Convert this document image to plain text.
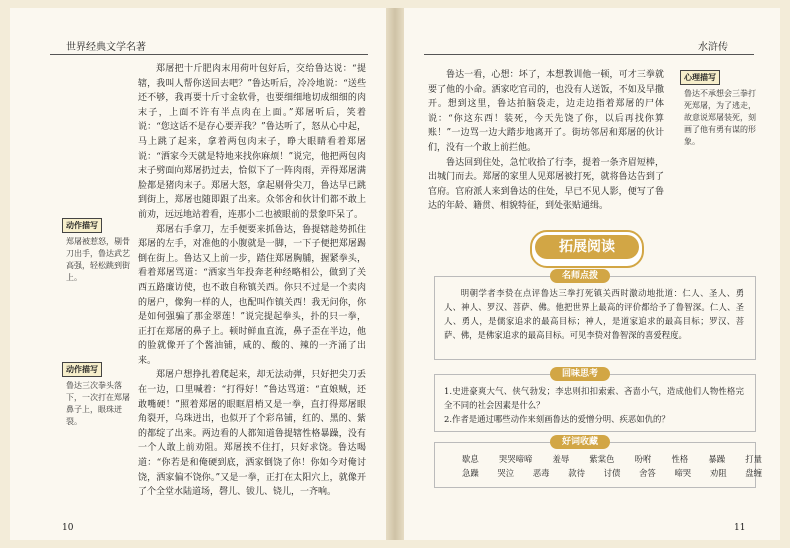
世界经典文学名著

郑屠把十斤肥肉末用荷叶包好后，交给鲁达说：“提辖，我叫人帮你送回去吧？”鲁达听后，冷冷地说：“送些还不够，我再要十斤寸金软骨，也要细细地切成细细的肉末子，上面不许有半点肉在上面。”郑屠听后，笑着说：“您这话不是存心要弄我？”鲁达听了，怒从心中起，马上跳了起来，拿着两包肉末子，睁大眼睛看着郑屠说：“洒家今天就是特地来找你麻烦！”说完，他把两包肉末子劈面向郑屠扔过去，恰似下了一阵肉雨，弄得郑屠满脸都是猪肉末子。郑屠大怒，拿起剔骨尖刀，鲁达早已跳到街上，郑屠也随即跟了出来。众邻舍和伙计们都不敢上前劝，远远地站着看，连那小二也被眼前的景象吓呆了。

郑屠右手拿刀，左手便要来抓鲁达，鲁提辖趁势抓住郑屠的左手，对准他的小腹就是一脚，一下子便把郑屠踢倒在街上。鲁达又上前一步，踏住郑屠胸脯，握紧拳头，看着郑屠骂道：“洒家当年投奔老种经略相公，做到了关西五路廉访使，也不敢自称镇关西。你只不过是一个卖肉的屠户，像狗一样的人，也配叫作镇关西！我无问你，你是如何强骗了那金翠莲！”说完提起拳头，扑的只一拳，正打在郑屠的鼻子上。顿时鲜血直流，鼻子歪在半边，他的脸就像开了个酱油铺，咸的、酸的、辣的一齐涌了出来。

郑屠户想挣扎着爬起来，却无法动弹，只好把尖刀丢在一边，口里喊着：“打得好！”鲁达骂道：“直娘贼，还敢嘴硬！”照着郑屠的眼眶眉梢又是一拳，直打得郑屠眼角裂开，乌珠迸出，也似开了个彩帛铺，红的、黑的、紫的都绽了出来。两边看的人都知道鲁提辖性格暴躁，没有一个人敢上前劝阻。郑屠挨不住打，只好求饶。鲁达喝道：“你若是和俺硬到底，洒家倒饶了你！你如今对俺讨饶，洒家偏不饶你。”又是一拳，正打在太阳穴上，就像开了个全堂水陆道场，磬儿、钹儿、铙儿，一齐响。

动作描写

郑屠被惹怒，剔骨刀出手，鲁达武艺高强，轻松跳到街上。

动作描写

鲁达三次拳头落下，一次打在郑屠鼻子上，眼珠迸裂。

10
水浒传

鲁达一看，心想：坏了，本想教训他一顿，可才三拳就要了他的小命。洒家吃官司的，也没有人送饭，不如及早撒开。想到这里，鲁达拍脑袋走，边走边指着郑屠的尸体说：“你这东西！装死，今天先饶了你，以后再找你算账！”一边骂一边大踏步地离开了。街坊邻居和郑屠的伙计们，没有一个敢上前拦他。

鲁达回到住处，急忙收拾了行李，提着一条齐眉短棒，出城门而去。郑屠的家里人见郑屠被打死，就将鲁达告到了官府。官府派人来到鲁达的住处，早已不见人影，便写了鲁达的年龄、籍贯、相貌特征，到处张贴通缉。

心理描写

鲁达不承想会三拳打死郑屠，为了逃走，故意说郑屠装死，刻画了他有勇有谋的形象。

拓展阅读
名师点拨

明朝学者李贽在点评鲁达三拳打死镇关西时激动地批道：仁人、圣人、勇人、神人、罗汉、菩萨、佛。他把世界上最高的评价都给予了鲁智深。仁人、圣人、勇人，是儒家追求的最高目标；神人，是道家追求的最高目标；罗汉、菩萨、佛，是佛家追求的最高目标。可见李贽对鲁智深的喜爱程度。

回味思考

1.史进豪爽大气、侠气勃发；李忠则扣扣索索、吝啬小气，造成他们人物性格完全不同的社会因素是什么？

2.作者是通过哪些动作来刻画鲁达的爱憎分明、疾恶如仇的？

好词收藏
歇息 哭哭啼啼 羞辱 紫棠色 吩咐 性格 暴躁 打量
急躁 哭泣 恶毒 款待 讨债 舍答 啼哭 劝阻 盘缠
11
